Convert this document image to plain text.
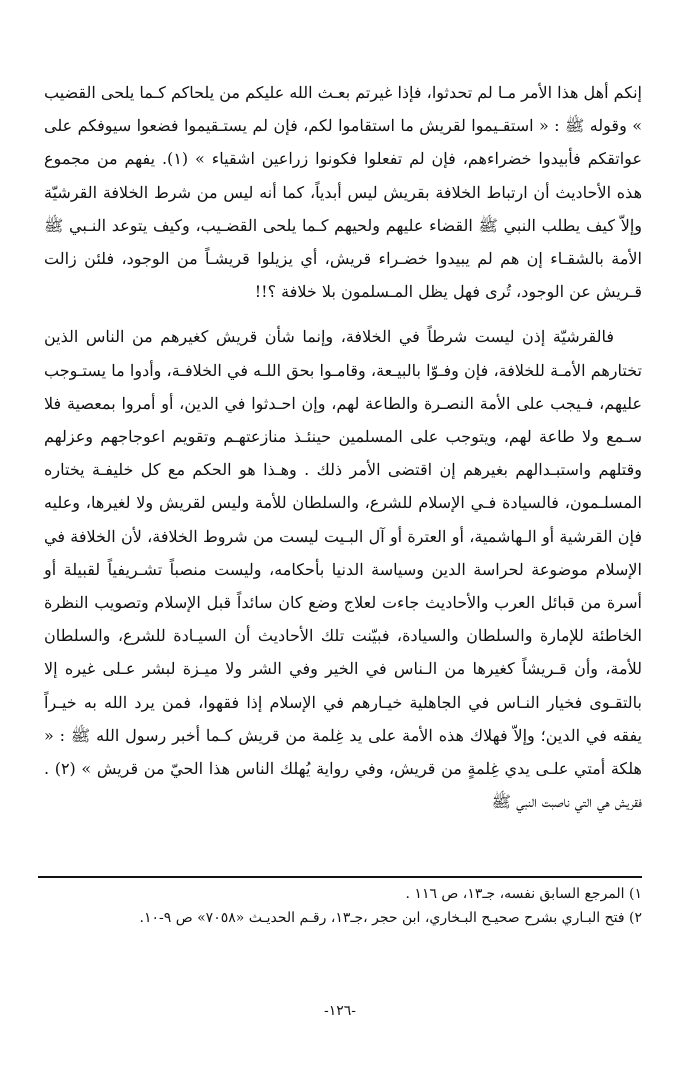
إنكم أهل هذا الأمر مـا لم تحدثوا، فإذا غيرتم بعـث الله عليكم من يلحاكم كـما يلحى القضيب » وقوله ﷺ : « استقـيموا لقريش ما استقاموا لكم، فإن لم يستـقيموا فضعوا سيوفكم على عواتقكم فأبيدوا خضراءهم، فإن لم تفعلوا فكونوا زراعين اشقياء » (١). يفهم من مجموع هذه الأحاديث أن ارتباط الخلافة بقريش ليس أبدياً، كما أنه ليس من شرط الخلافة القرشيّة وإلاّ كيف يطلب النبي ﷺ القضاء عليهم ولحيهم كـما يلحى القضـيب، وكيف يتوعد النـبي ﷺ الأمة بالشقـاء إن هم لم يبيدوا خضـراء قريش، أي يزيلوا قريشـاً من الوجود، فلئن زالت قـريش عن الوجود، تُرى فهل يظل المـسلمون بلا خلافة ؟!!

فالقرشيّة إذن ليست شرطاً في الخلافة، وإنما شأن قريش كغيرهم من الناس الذين تختارهم الأمـة للخلافة، فإن وفـوّا بالبيـعة، وقامـوا بحق اللـه في الخلافـة، وأدوا ما يستـوجب عليهم، فـيجب على الأمة النصـرة والطاعة لهم، وإن احـدثوا في الدين، أو أمروا بمعصية فلا سـمع ولا طاعة لهم، ويتوجب على المسلمين حينئـذ منازعتهـم وتقويم اعوجاجهم وعزلهم وقتلهم واستبـدالهم بغيرهم إن اقتضى الأمر ذلك . وهـذا هو الحكم مع كل خليفـة يختاره المسلـمون، فالسيادة فـي الإسلام للشرع، والسلطان للأمة وليس لقريش ولا لغيرها، وعليه فإن القرشية أو الـهاشمية، أو العترة أو آل البـيت ليست من شروط الخلافة، لأن الخلافة في الإسلام موضوعة لحراسة الدين وسياسة الدنيا بأحكامه، وليست منصباً تشـريفياً لقبيلة أو أسرة من قبائل العرب والأحاديث جاءت لعلاج وضع كان سائداً قبل الإسلام وتصويب النظرة الخاطئة للإمارة والسلطان والسيادة، فبيّنت تلك الأحاديث أن السيـادة للشرع، والسلطان للأمة، وأن قـريشاً كغيرها من الـناس في الخير وفي الشر ولا ميـزة لبشر عـلى غيره إلا بالتقـوى فخيار النـاس في الجاهلية خيـارهم في الإسلام إذا فقهوا، فمن يرد الله به خيـراً يفقه في الدين؛ وإلاّ فهلاك هذه الأمة على يد غِلمة من قريش كـما أخبر رسول الله ﷺ : « هلكة أمتي علـى يدي غِلمةٍ من قريش، وفي رواية يُهلك الناس هذا الحيّ من قريش » (٢) . فقريش هي التي ناصبت النبي ﷺ

١) المرجع السابق نفسه، جـ١٣، ص ١١٦ .

٢) فتح البـاري بشرح صحيـح البـخاري، ابن حجر ،جـ١٣، رقـم الحديـث «٧٠٥٨» ص ٩-١٠.

-١٢٦-
